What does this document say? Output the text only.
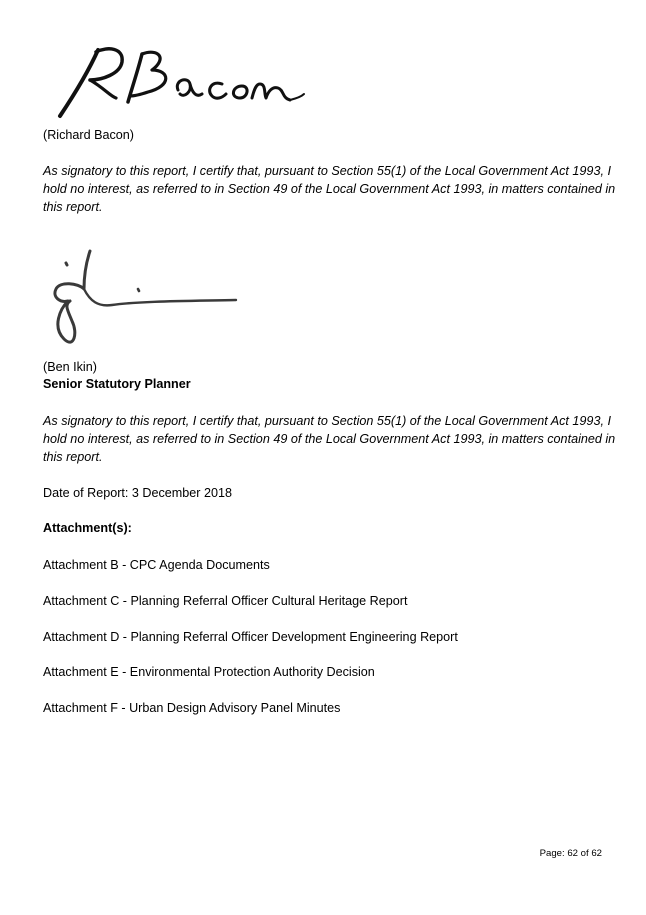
(Richard Bacon)
As signatory to this report, I certify that, pursuant to Section 55(1) of the Local Government Act 1993, I hold no interest, as referred to in Section 49 of the Local Government Act 1993, in matters contained in this report.
(Ben Ikin)
Senior Statutory Planner
As signatory to this report, I certify that, pursuant to Section 55(1) of the Local Government Act 1993, I hold no interest, as referred to in Section 49 of the Local Government Act 1993, in matters contained in this report.
Date of Report: 3 December 2018
Attachment(s):
Attachment B - CPC Agenda Documents
Attachment C - Planning Referral Officer Cultural Heritage Report
Attachment D - Planning Referral Officer Development Engineering Report
Attachment E - Environmental Protection Authority Decision
Attachment F - Urban Design Advisory Panel Minutes
Page: 62 of 62
